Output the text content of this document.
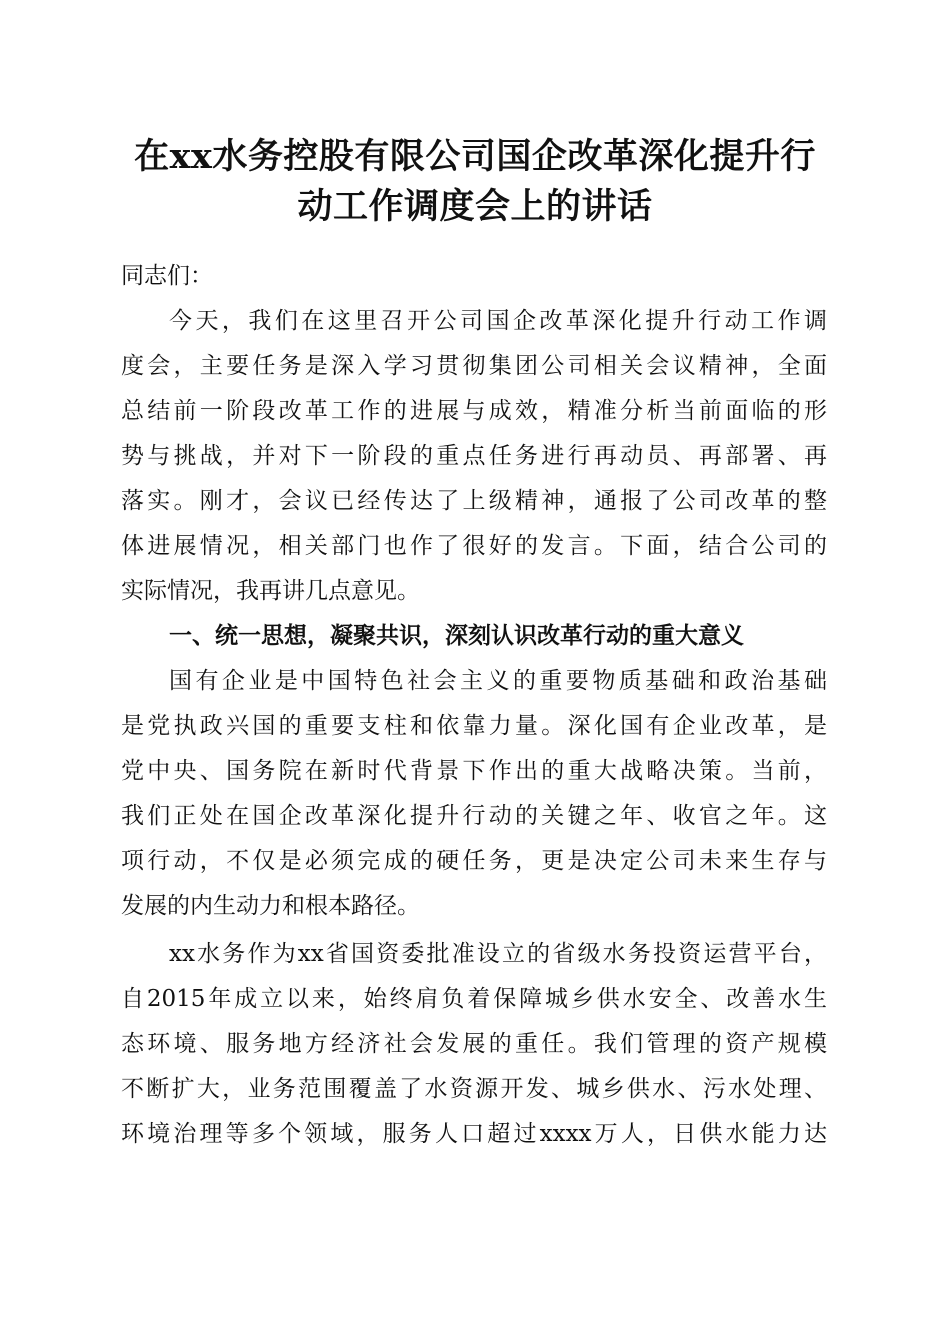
在xx水务控股有限公司国企改革深化提升行
动工作调度会上的讲话
同志们：
今天，我们在这里召开公司国企改革深化提升行动工作调
度会，主要任务是深入学习贯彻集团公司相关会议精神，全面
总结前一阶段改革工作的进展与成效，精准分析当前面临的形
势与挑战，并对下一阶段的重点任务进行再动员、再部署、再
落实。刚才，会议已经传达了上级精神，通报了公司改革的整
体进展情况，相关部门也作了很好的发言。下面，结合公司的
实际情况，我再讲几点意见。
一、统一思想，凝聚共识，深刻认识改革行动的重大意义
国有企业是中国特色社会主义的重要物质基础和政治基础
是党执政兴国的重要支柱和依靠力量。深化国有企业改革，是
党中央、国务院在新时代背景下作出的重大战略决策。当前，
我们正处在国企改革深化提升行动的关键之年、收官之年。这
项行动，不仅是必须完成的硬任务，更是决定公司未来生存与
发展的内生动力和根本路径。
xx水务作为xx省国资委批准设立的省级水务投资运营平台，
自2015年成立以来，始终肩负着保障城乡供水安全、改善水生
态环境、服务地方经济社会发展的重任。我们管理的资产规模
不断扩大，业务范围覆盖了水资源开发、城乡供水、污水处理、
环境治理等多个领域，服务人口超过xxxx万人，日供水能力达
